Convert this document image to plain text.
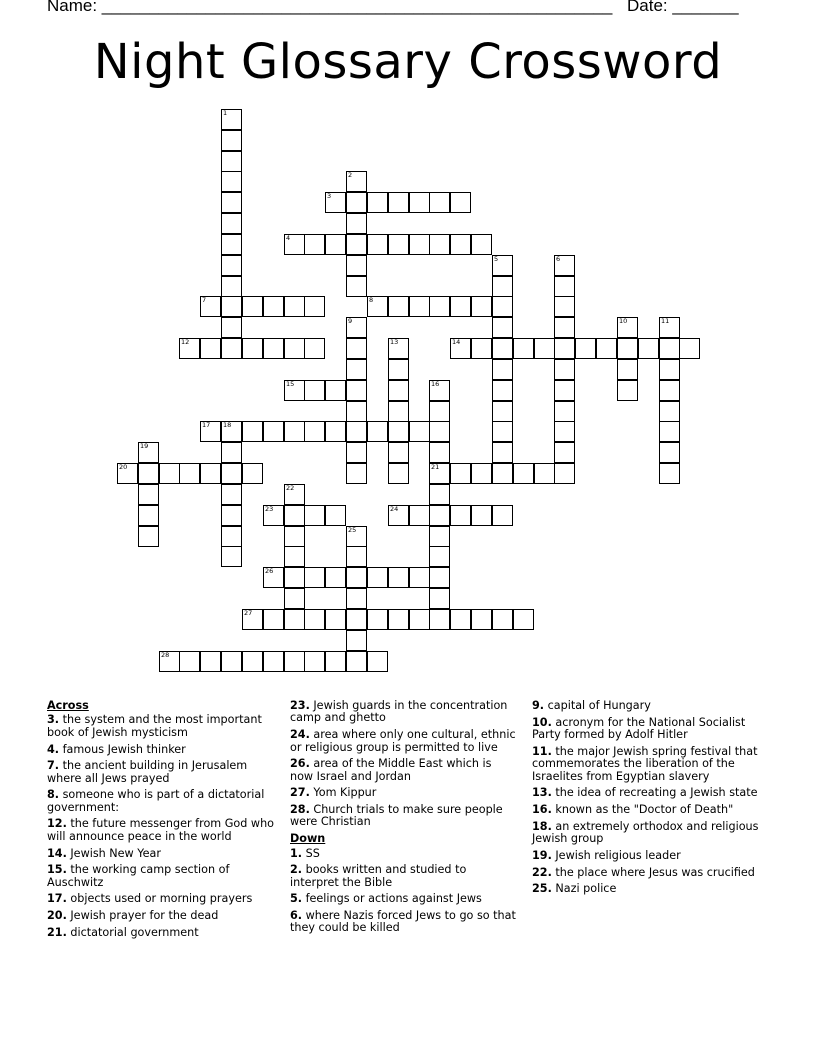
Name: ______________________________________________________ Date: _______
Night Glossary Crossword
1
2
3
4
5	6
7	8
9	10	11
12	13	14
15	16
21
17 18
19
20
22
23	24
25
26
27
28
Across
3. the system and the most important book of Jewish mysticism
4. famous Jewish thinker
7. the ancient building in Jerusalem where all Jews prayed
8. someone who is part of a dictatorial government:
12. the future messenger from God who will announce peace in the world
14. Jewish New Year
15. the working camp section of Auschwitz
17. objects used or morning prayers
20. Jewish prayer for the dead
21. dictatorial government
23. Jewish guards in the concentration camp and ghetto
24. area where only one cultural, ethnic or religious group is permitted to live
26. area of the Middle East which is now Israel and Jordan
27. Yom Kippur
28. Church trials to make sure people were Christian
Down
1. SS
2. books written and studied to interpret the Bible
5. feelings or actions against Jews
6. where Nazis forced Jews to go so that they could be killed
9. capital of Hungary
10. acronym for the National Socialist Party formed by Adolf Hitler
11. the major Jewish spring festival that commemorates the liberation of the Israelites from Egyptian slavery
13. the idea of recreating a Jewish state
16. known as the "Doctor of Death"
18. an extremely orthodox and religious Jewish group
19. Jewish religious leader
22. the place where Jesus was crucified
25. Nazi police
